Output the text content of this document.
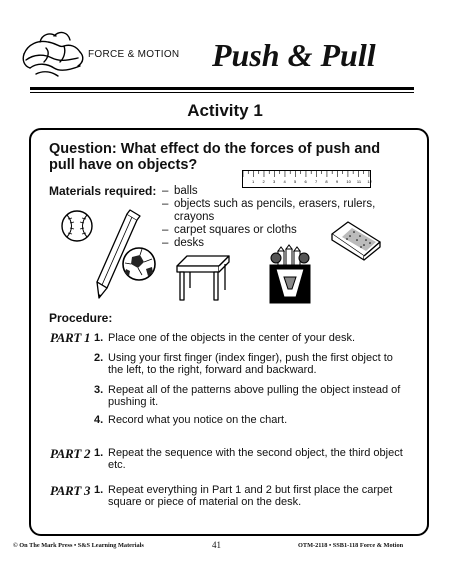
FORCE & MOTION Push & Pull
Activity 1
Question: What effect do the forces of push and pull have on objects?
1 2 3 4 5 6 7 8 9 10 11 12
Materials required: – balls
– objects such as pencils, erasers, rulers, crayons
– carpet squares or cloths
– desks
Procedure:
PART 1 1. Place one of the objects in the center of your desk.
2. Using your first finger (index finger), push the first object to the left, to the right, forward and backward.
3. Repeat all of the patterns above pulling the object instead of pushing it.
4. Record what you notice on the chart.
PART 2 1. Repeat the sequence with the second object, the third object etc.
PART 3 1. Repeat everything in Part 1 and 2 but first place the carpet square or piece of material on the desk.
© On The Mark Press • S&S Learning Materials	41	OTM-2118 • SSB1-118 Force & Motion
